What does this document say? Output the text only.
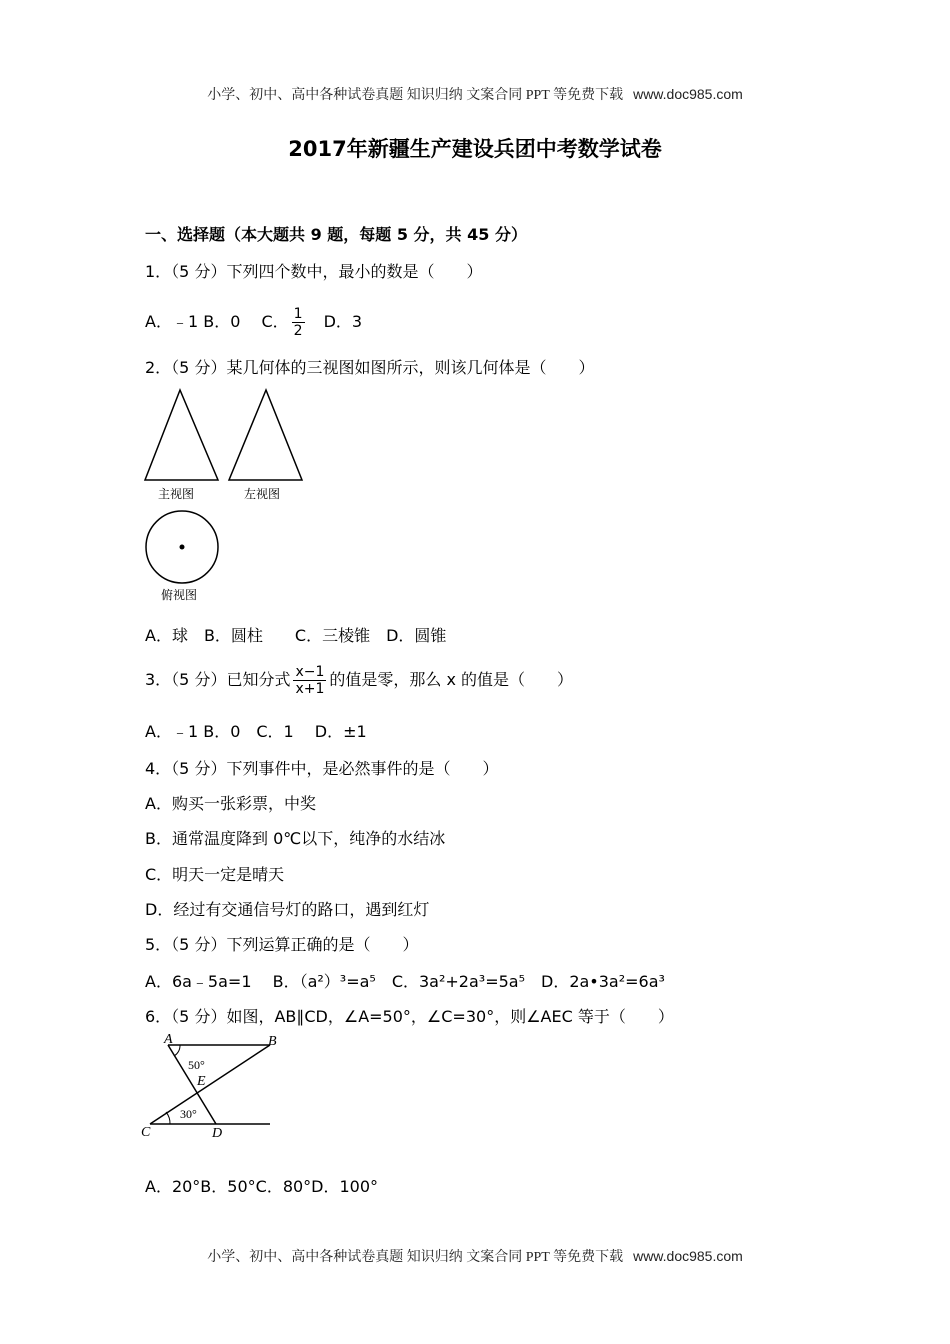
小学、初中、高中各种试卷真题 知识归纳 文案合同 PPT 等免费下载 www.doc985.com
2017年新疆生产建设兵团中考数学试卷
一、选择题（本大题共 9 题，每题 5 分，共 45 分）
1．（5 分）下列四个数中，最小的数是（　　）
A．﹣1 B．0　 C． $\frac{1}{2}$ 　D．3
2．（5 分）某几何体的三视图如图所示，则该几何体是（　　）
主视图	左视图
俯视图
A．球　B．圆柱　　C．三棱锥　D．圆锥
3．（5 分）已知分式 $\frac{x-1}{x+1}$ 的值是零，那么 x 的值是（　　）
A．﹣1 B．0　C．1　 D．±1
4．（5 分）下列事件中，是必然事件的是（　　）
A．购买一张彩票，中奖
B．通常温度降到 0℃以下，纯净的水结冰
C．明天一定是晴天
D．经过有交通信号灯的路口，遇到红灯
5．（5 分）下列运算正确的是（　　）
A．6a﹣5a=1　 B．（a²）³=a⁵　C．3a²+2a³=5a⁵　D．2a•3a²=6a³
6．（5 分）如图，AB∥CD，∠A=50°，∠C=30°，则∠AEC 等于（　　）
A	B
C	D
E
50°
30°
A．20°B．50°C．80°D．100°
小学、初中、高中各种试卷真题 知识归纳 文案合同 PPT 等免费下载 www.doc985.com
